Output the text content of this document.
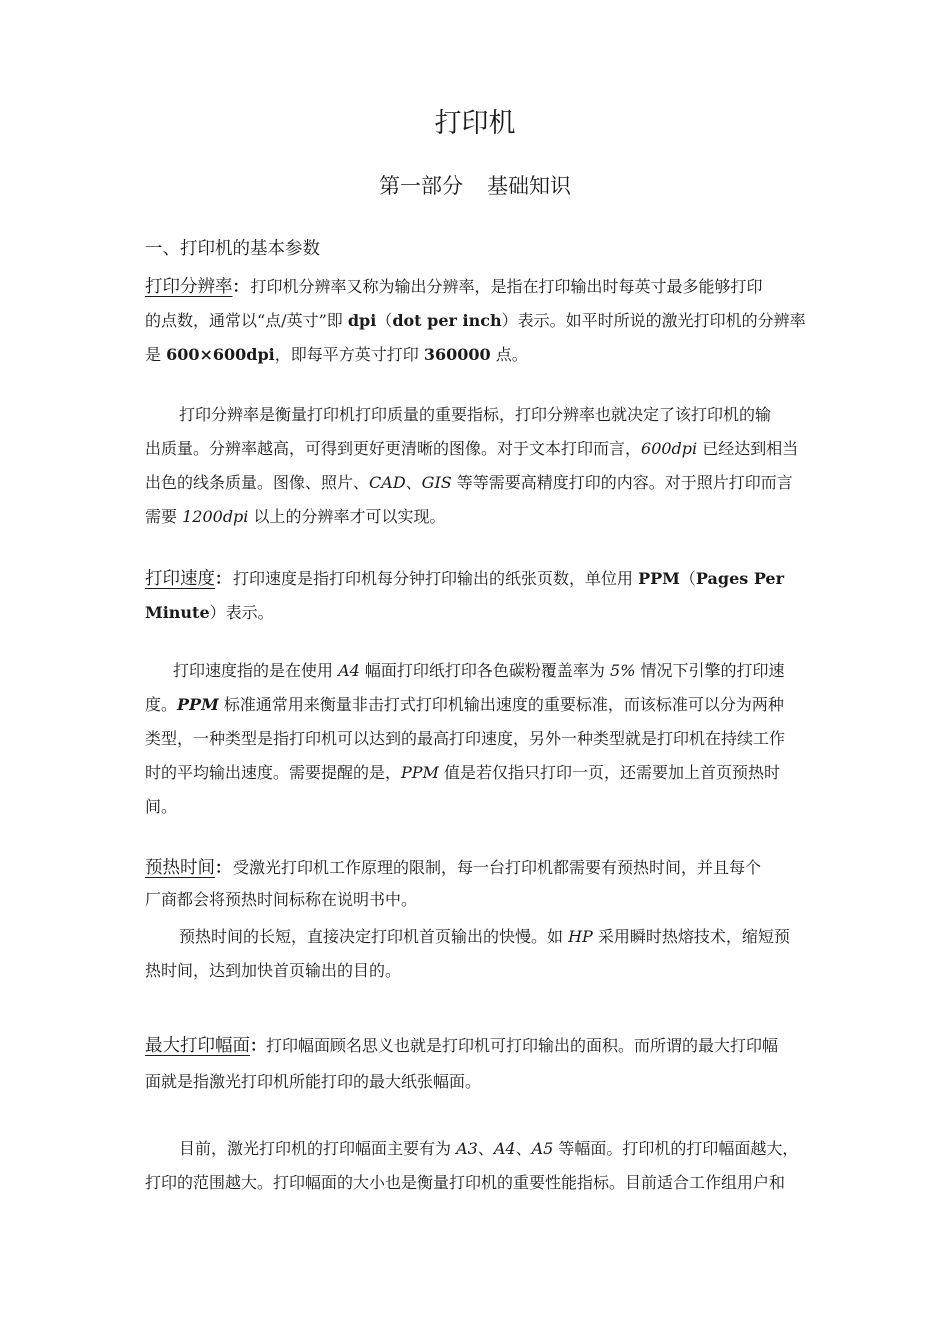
打印机
第一部分 基础知识
一、打印机的基本参数
打印分辨率： 打印机分辨率又称为输出分辨率，是指在打印输出时每英寸最多能够打印
的点数，通常以“点/英寸”即 dpi（dot per inch）表示。如平时所说的激光打印机的分辨率
是 600×600dpi，即每平方英寸打印 360000 点。
打印分辨率是衡量打印机打印质量的重要指标，打印分辨率也就决定了该打印机的输
出质量。分辨率越高，可得到更好更清晰的图像。对于文本打印而言，600dpi 已经达到相当
出色的线条质量。图像、照片、CAD、GIS 等等需要高精度打印的内容。对于照片打印而言
需要 1200dpi 以上的分辨率才可以实现。
打印速度： 打印速度是指打印机每分钟打印输出的纸张页数，单位用 PPM（Pages Per
Minute）表示。
打印速度指的是在使用 A4 幅面打印纸打印各色碳粉覆盖率为 5% 情况下引擎的打印速
度。PPM 标准通常用来衡量非击打式打印机输出速度的重要标准，而该标准可以分为两种
类型，一种类型是指打印机可以达到的最高打印速度，另外一种类型就是打印机在持续工作
时的平均输出速度。需要提醒的是，PPM 值是若仅指只打印一页，还需要加上首页预热时
间。
预热时间： 受激光打印机工作原理的限制，每一台打印机都需要有预热时间，并且每个
厂商都会将预热时间标称在说明书中。
预热时间的长短，直接决定打印机首页输出的快慢。如 HP 采用瞬时热熔技术，缩短预
热时间，达到加快首页输出的目的。
最大打印幅面：打印幅面顾名思义也就是打印机可打印输出的面积。而所谓的最大打印幅
面就是指激光打印机所能打印的最大纸张幅面。
目前，激光打印机的打印幅面主要有为 A3、A4、A5 等幅面。打印机的打印幅面越大，
打印的范围越大。打印幅面的大小也是衡量打印机的重要性能指标。目前适合工作组用户和
